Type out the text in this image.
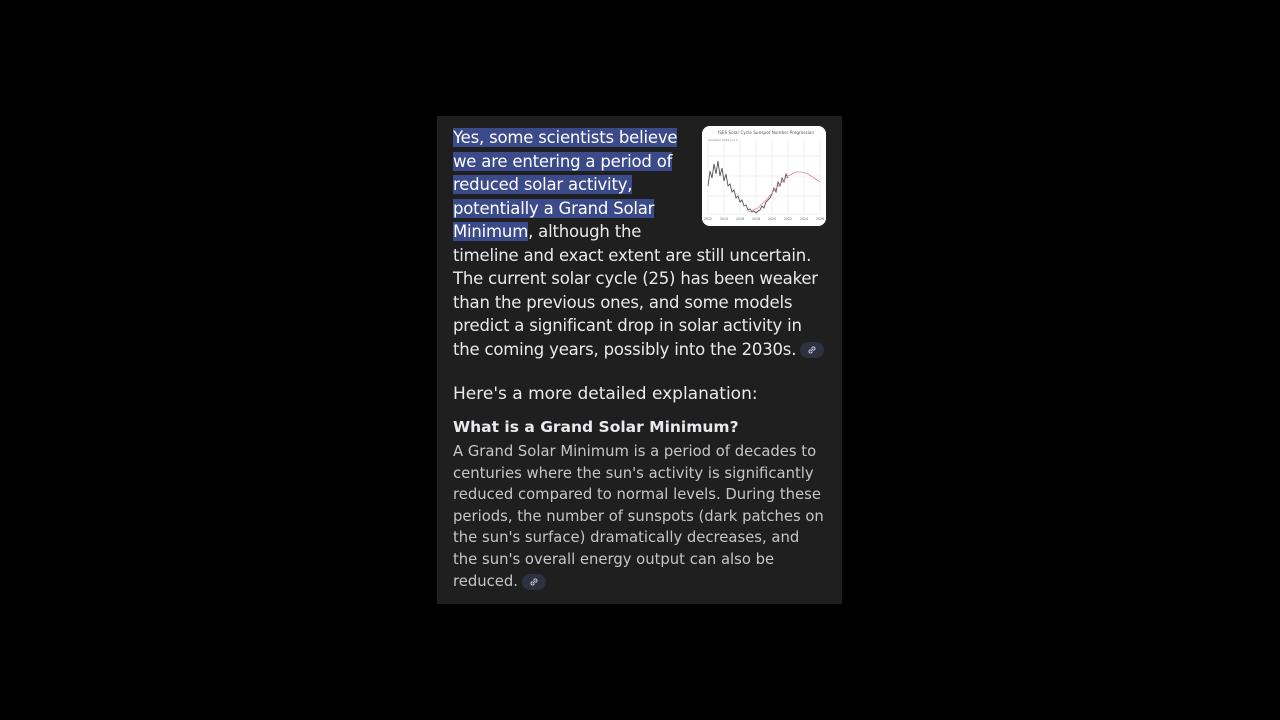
ISES Solar Cycle Sunspot Number Progression
Updated 2025 Jun 2
2012 2014 2016 2018 2020 2022 2024 2026

Yes, some scientists believe we are entering a period of reduced solar activity, potentially a Grand Solar Minimum, although the timeline and exact extent are still uncertain. The current solar cycle (25) has been weaker than the previous ones, and some models predict a significant drop in solar activity in the coming years, possibly into the 2030s.

Here's a more detailed explanation:
What is a Grand Solar Minimum?

A Grand Solar Minimum is a period of decades to centuries where the sun's activity is significantly reduced compared to normal levels. During these periods, the number of sunspots (dark patches on the sun's surface) dramatically decreases, and the sun's overall energy output can also be reduced.
